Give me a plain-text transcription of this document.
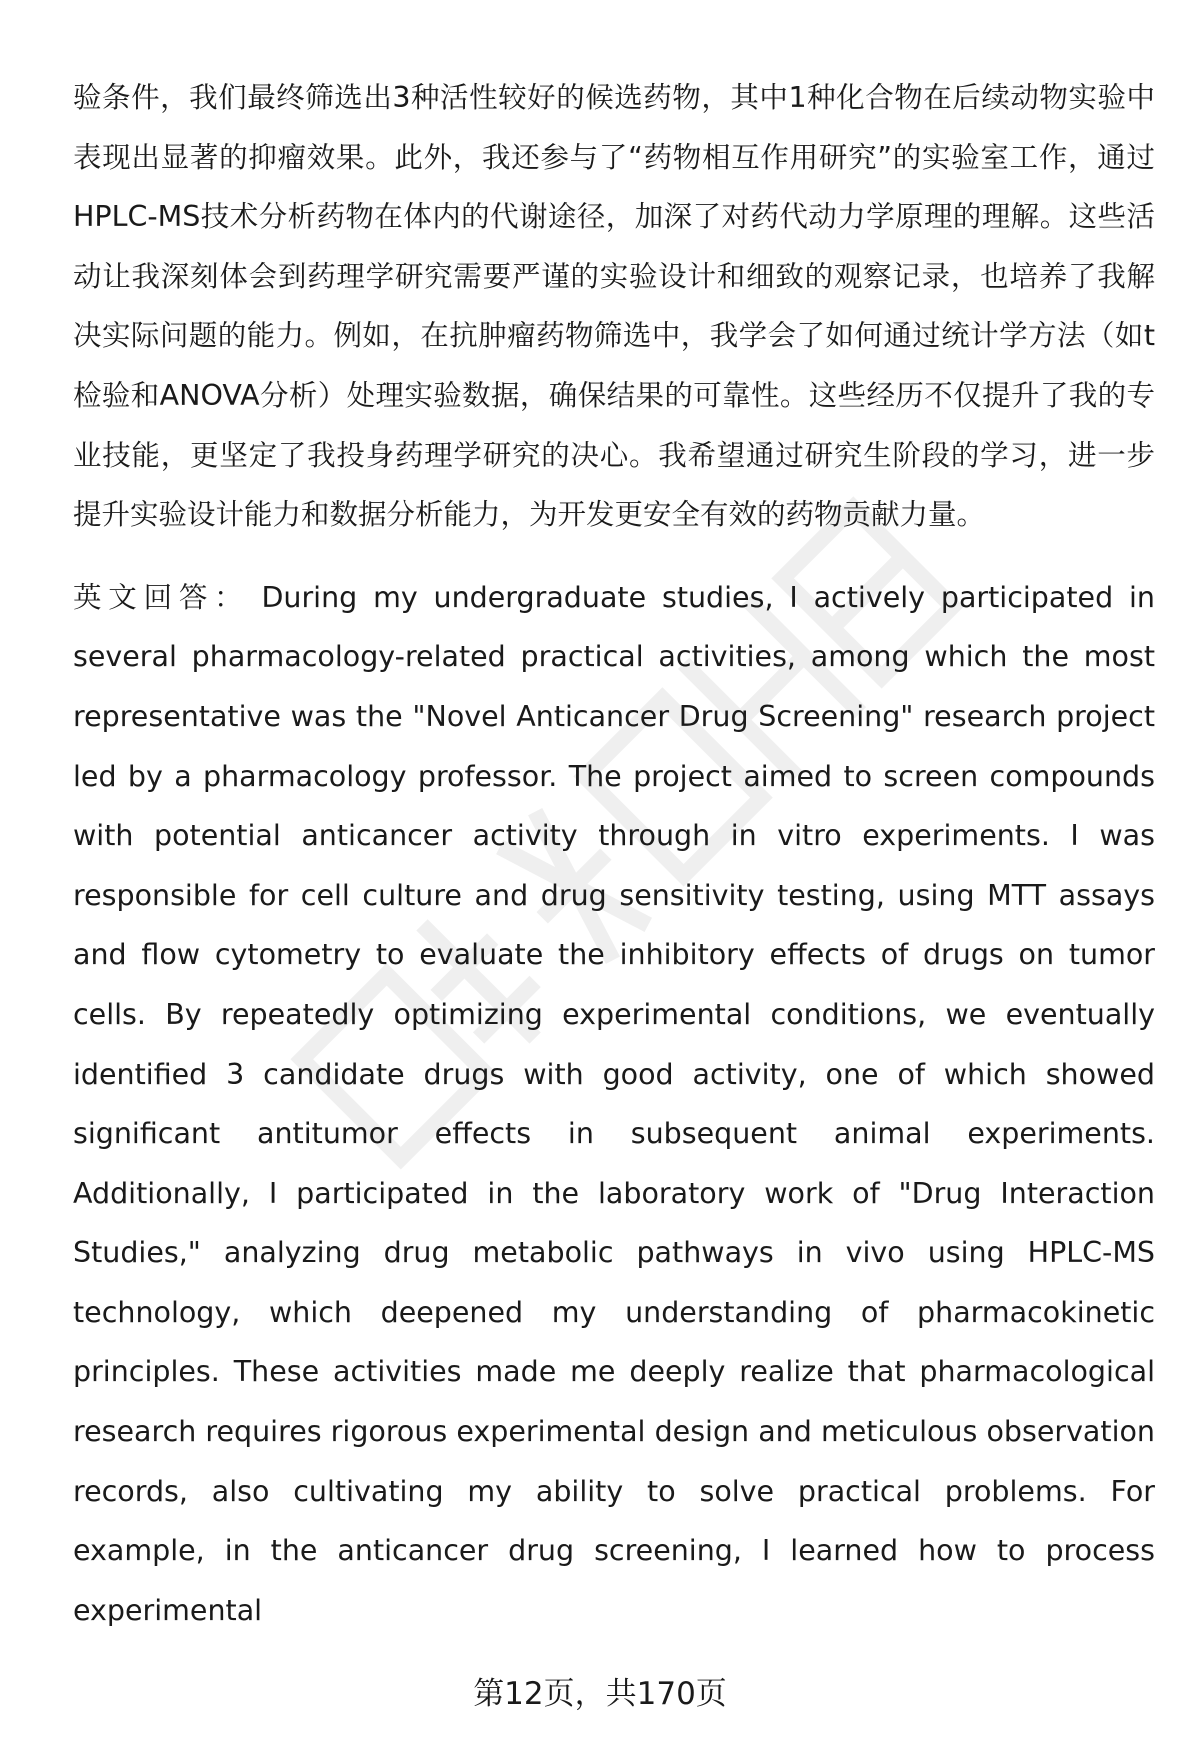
验条件，我们最终筛选出3种活性较好的候选药物，其中1种化合物在后续动物实验中表现出显著的抑瘤效果。此外，我还参与了“药物相互作用研究”的实验室工作，通过HPLC-MS技术分析药物在体内的代谢途径，加深了对药代动力学原理的理解。这些活动让我深刻体会到药理学研究需要严谨的实验设计和细致的观察记录，也培养了我解决实际问题的能力。例如，在抗肿瘤药物筛选中，我学会了如何通过统计学方法（如t检验和ANOVA分析）处理实验数据，确保结果的可靠性。这些经历不仅提升了我的专业技能，更坚定了我投身药理学研究的决心。我希望通过研究生阶段的学习，进一步提升实验设计能力和数据分析能力，为开发更安全有效的药物贡献力量。

英文回答： During my undergraduate studies, I actively participated in several pharmacology-related practical activities, among which the most representative was the "Novel Anticancer Drug Screening" research project led by a pharmacology professor. The project aimed to screen compounds with potential anticancer activity through in vitro experiments. I was responsible for cell culture and drug sensitivity testing, using MTT assays and flow cytometry to evaluate the inhibitory effects of drugs on tumor cells. By repeatedly optimizing experimental conditions, we eventually identified 3 candidate drugs with good activity, one of which showed significant antitumor effects in subsequent animal experiments. Additionally, I participated in the laboratory work of "Drug Interaction Studies," analyzing drug metabolic pathways in vivo using HPLC-MS technology, which deepened my understanding of pharmacokinetic principles. These activities made me deeply realize that pharmacological research requires rigorous experimental design and meticulous observation records, also cultivating my ability to solve practical problems. For example, in the anticancer drug screening, I learned how to process experimental

第12页，共170页
